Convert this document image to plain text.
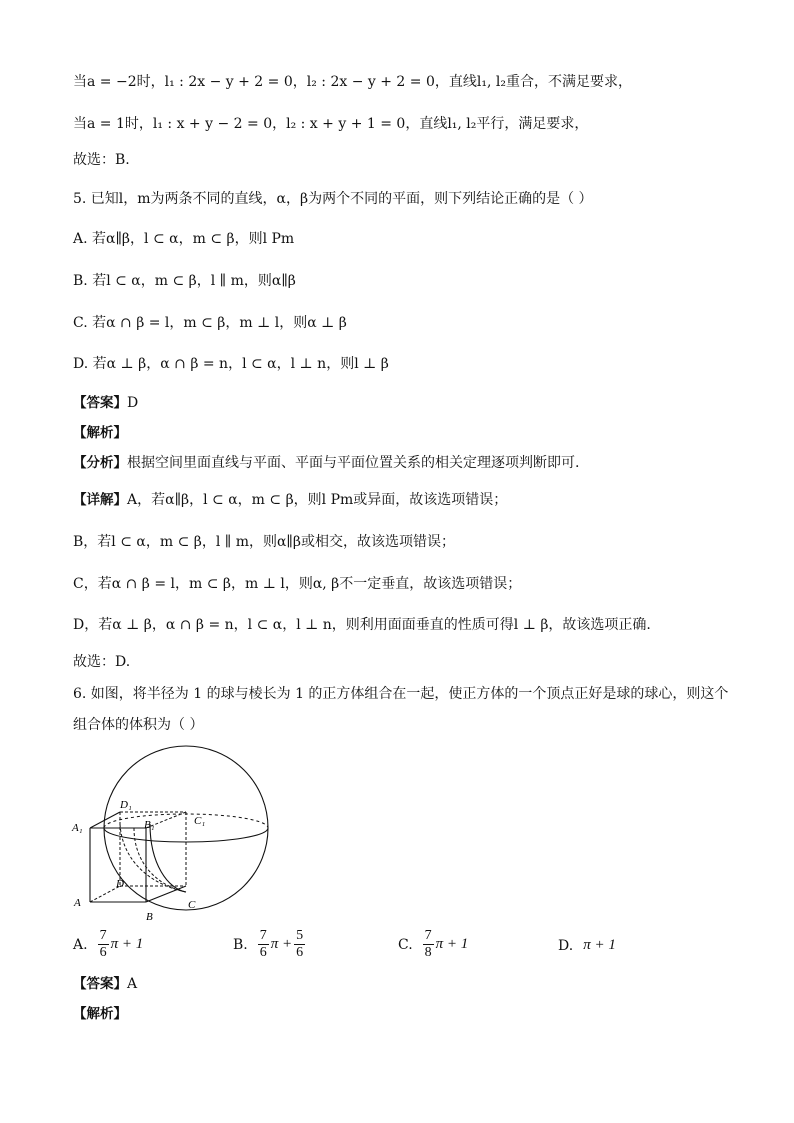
当a = −2时，l₁ : 2x − y + 2 = 0，l₂ : 2x − y + 2 = 0，直线l₁, l₂重合，不满足要求，
当a = 1时，l₁ : x + y − 2 = 0，l₂ : x + y + 1 = 0，直线l₁, l₂平行，满足要求，
故选：B.
5. 已知l，m为两条不同的直线，α，β为两个不同的平面，则下列结论正确的是（ ）
A. 若α∥β，l ⊂ α，m ⊂ β，则l Pm
B. 若l ⊂ α，m ⊂ β，l ∥ m，则α∥β
C. 若α ∩ β = l，m ⊂ β，m ⊥ l，则α ⊥ β
D. 若α ⊥ β，α ∩ β = n，l ⊂ α，l ⊥ n，则l ⊥ β
【答案】D
【解析】
【分析】根据空间里面直线与平面、平面与平面位置关系的相关定理逐项判断即可.
【详解】A，若α∥β，l ⊂ α，m ⊂ β，则l Pm或异面，故该选项错误；
B，若l ⊂ α，m ⊂ β，l ∥ m，则α∥β或相交，故该选项错误；
C，若α ∩ β = l，m ⊂ β，m ⊥ l，则α, β不一定垂直，故该选项错误；
D，若α ⊥ β，α ∩ β = n，l ⊂ α，l ⊥ n，则利用面面垂直的性质可得l ⊥ β，故该选项正确.
故选：D.
6. 如图，将半径为 1 的球与棱长为 1 的正方体组合在一起，使正方体的一个顶点正好是球的球心，则这个
组合体的体积为（ ）
D₁
A₁	B₁	C₁
D
A
B
C
A. $\frac{7}{6}$ π + 1	B. $\frac{7}{6}$ $\pi + \frac{5}{6}$	C. $\frac{7}{8}$ π + 1	D. π + 1
【答案】A
【解析】
